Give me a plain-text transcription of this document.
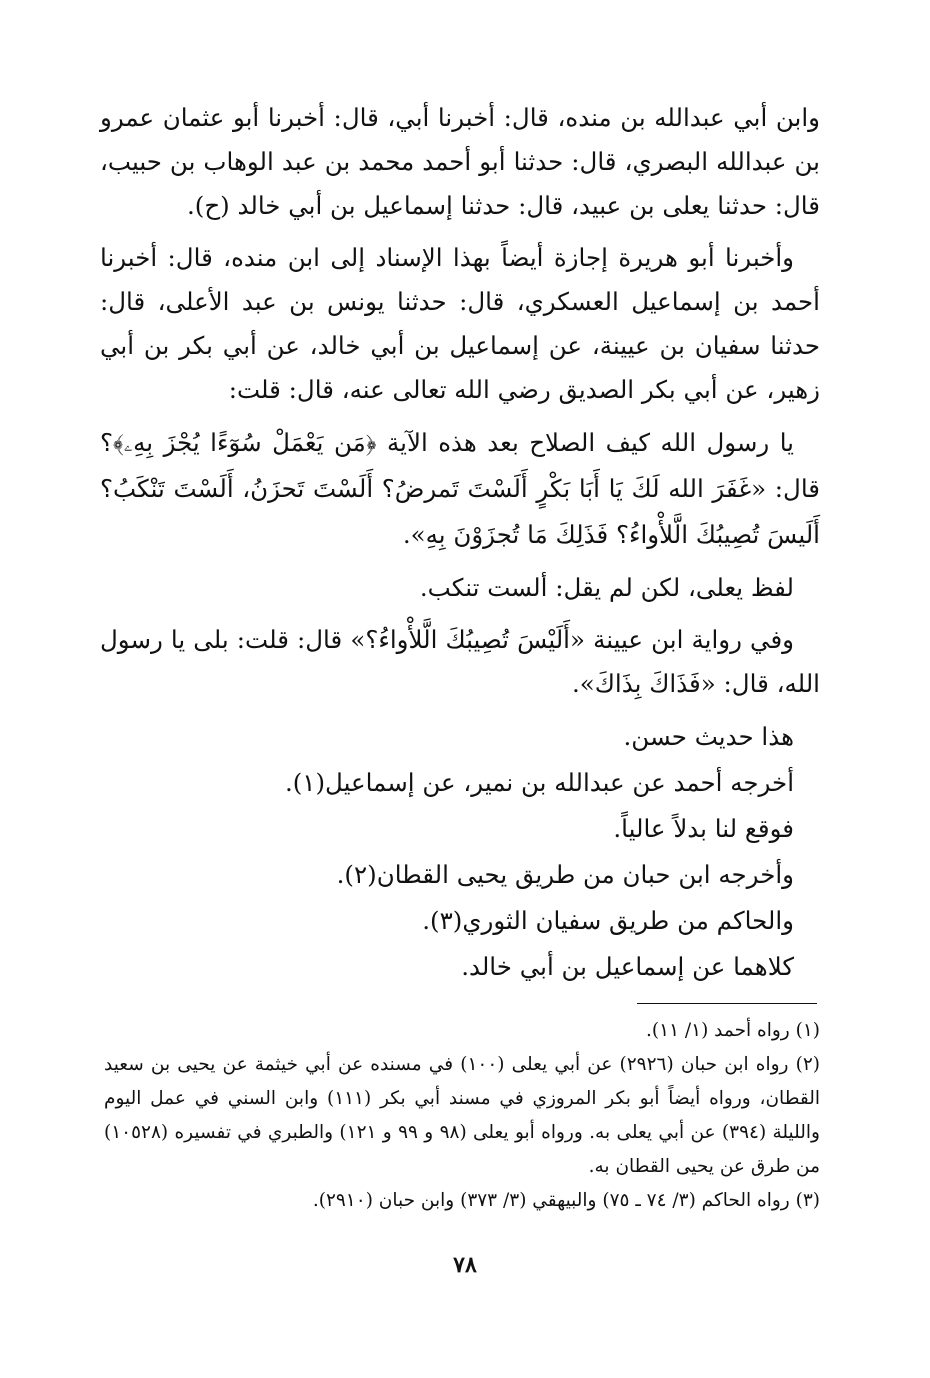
وابن أبي عبدالله بن منده، قال: أخبرنا أبي، قال: أخبرنا أبو عثمان عمرو بن عبدالله البصري، قال: حدثنا أبو أحمد محمد بن عبد الوهاب بن حبيب، قال: حدثنا يعلى بن عبيد، قال: حدثنا إسماعيل بن أبي خالد (ح).

وأخبرنا أبو هريرة إجازة أيضاً بهذا الإسناد إلى ابن منده، قال: أخبرنا أحمد بن إسماعيل العسكري، قال: حدثنا يونس بن عبد الأعلى، قال: حدثنا سفيان بن عيينة، عن إسماعيل بن أبي خالد، عن أبي بكر بن أبي زهير، عن أبي بكر الصديق رضي الله تعالى عنه، قال: قلت:

يا رسول الله كيف الصلاح بعد هذه الآية ﴿مَن يَعْمَلْ سُوٓءًا يُجْزَ بِهِۦ﴾؟ قال: «غَفَرَ الله لَكَ يَا أَبَا بَكْرٍ أَلَسْتَ تَمرضُ؟ أَلَسْتَ تَحزَنُ، أَلَسْتَ تَنْكَبُ؟ أَلَيسَ تُصِيبُكَ الَّلأْواءُ؟ فَذَلِكَ مَا تُجزَوْنَ بِهِ».

لفظ يعلى، لكن لم يقل: ألست تنكب.

وفي رواية ابن عيينة «أَلَيْسَ تُصِيبُكَ الَّلأْواءُ؟» قال: قلت: بلى يا رسول الله، قال: «فَذَاكَ بِذَاكَ».

هذا حديث حسن.

أخرجه أحمد عن عبدالله بن نمير، عن إسماعيل(١).

فوقع لنا بدلاً عالياً.

وأخرجه ابن حبان من طريق يحيى القطان(٢).

والحاكم من طريق سفيان الثوري(٣).

كلاهما عن إسماعيل بن أبي خالد.

(١) رواه أحمد (١/ ١١).

(٢) رواه ابن حبان (٢٩٢٦) عن أبي يعلى (١٠٠) في مسنده عن أبي خيثمة عن يحيى بن سعيد القطان، ورواه أيضاً أبو بكر المروزي في مسند أبي بكر (١١١) وابن السني في عمل اليوم والليلة (٣٩٤) عن أبي يعلى به. ورواه أبو يعلى (٩٨ و ٩٩ و ١٢١) والطبري في تفسيره (١٠٥٢٨) من طرق عن يحيى القطان به.

(٣) رواه الحاكم (٣/ ٧٤ ـ ٧٥) والبيهقي (٣/ ٣٧٣) وابن حبان (٢٩١٠).

٧٨
